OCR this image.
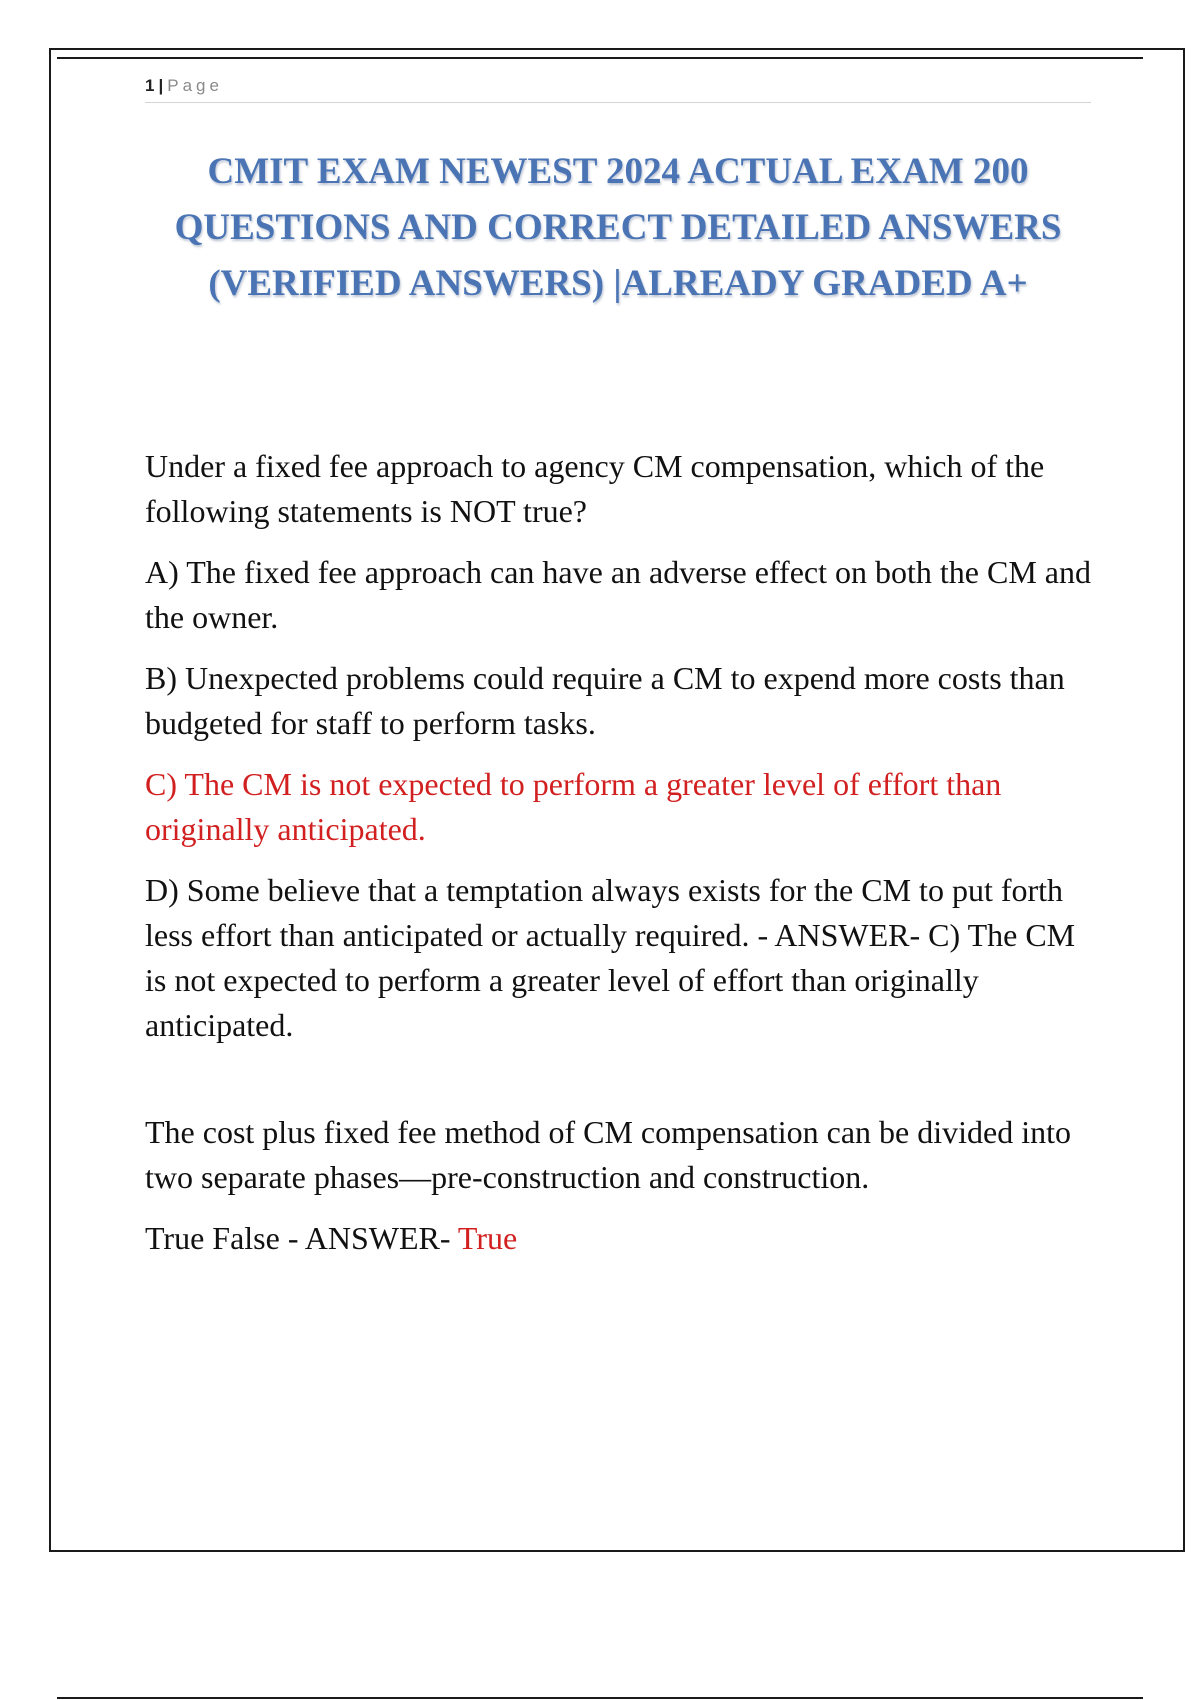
1 | Page
CMIT EXAM NEWEST 2024 ACTUAL EXAM 200 QUESTIONS AND CORRECT DETAILED ANSWERS (VERIFIED ANSWERS) |ALREADY GRADED A+

Under a fixed fee approach to agency CM compensation, which of the following statements is NOT true?

A) The fixed fee approach can have an adverse effect on both the CM and the owner.

B) Unexpected problems could require a CM to expend more costs than budgeted for staff to perform tasks.

C) The CM is not expected to perform a greater level of effort than originally anticipated.

D) Some believe that a temptation always exists for the CM to put forth less effort than anticipated or actually required. - ANSWER- C) The CM is not expected to perform a greater level of effort than originally anticipated.

The cost plus fixed fee method of CM compensation can be divided into two separate phases—pre-construction and construction.

True False - ANSWER- True
